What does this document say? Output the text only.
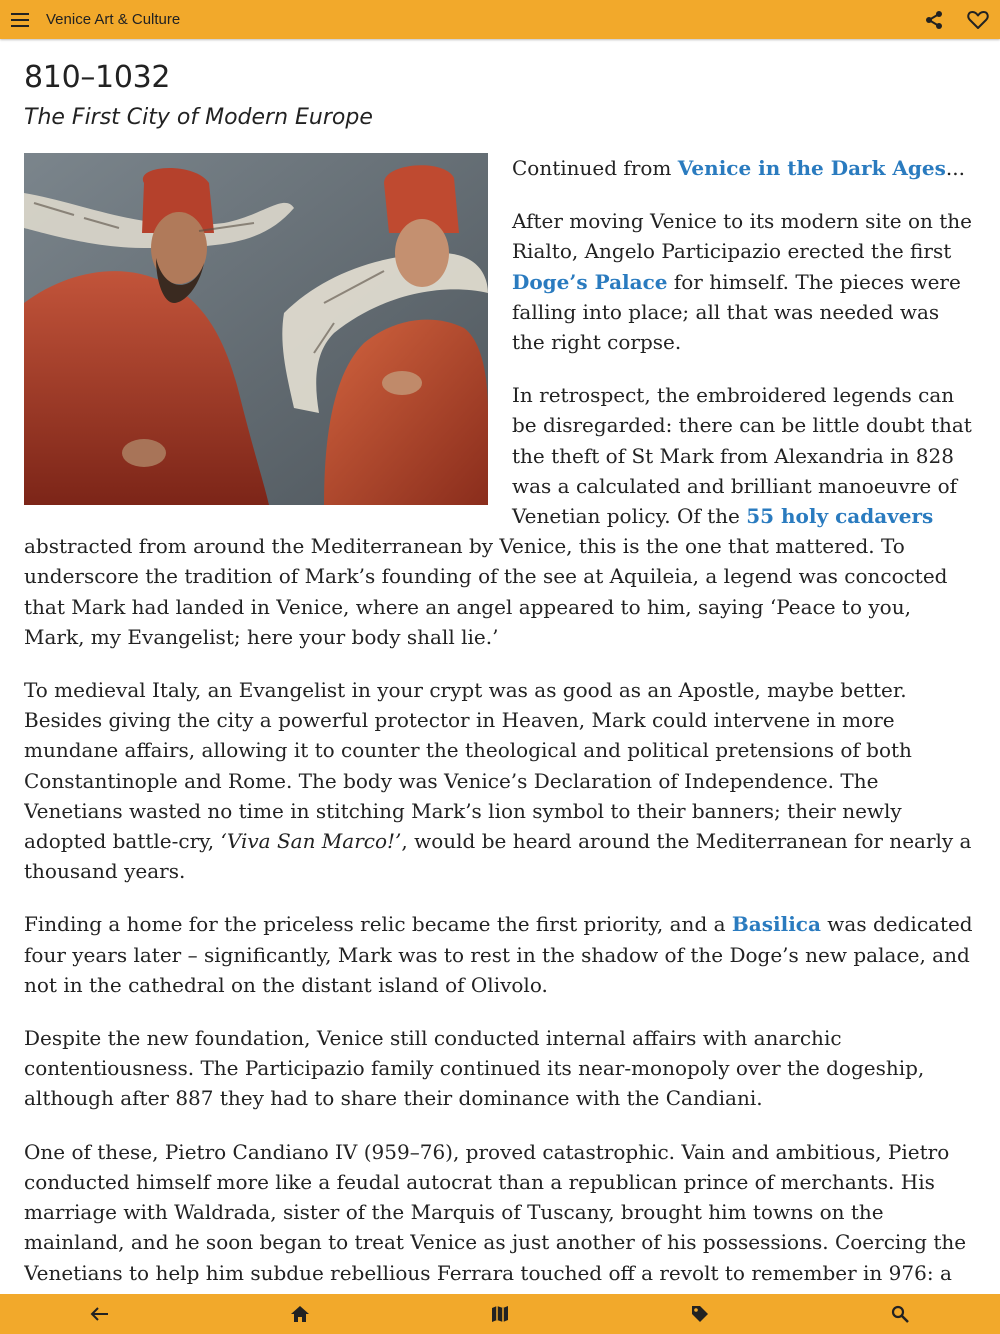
Venice Art & Culture
810–1032
The First City of Modern Europe

Continued from Venice in the Dark Ages...

After moving Venice to its modern site on the Rialto, Angelo Participazio erected the first Doge’s Palace for himself. The pieces were falling into place; all that was needed was the right corpse.

In retrospect, the embroidered legends can be disregarded: there can be little doubt that the theft of St Mark from Alexandria in 828 was a calculated and brilliant manoeuvre of Venetian policy. Of the 55 holy cadavers abstracted from around the Mediterranean by Venice, this is the one that mattered. To underscore the tradition of Mark’s founding of the see at Aquileia, a legend was concocted that Mark had landed in Venice, where an angel appeared to him, saying ‘Peace to you, Mark, my Evangelist; here your body shall lie.’

To medieval Italy, an Evangelist in your crypt was as good as an Apostle, maybe better. Besides giving the city a powerful protector in Heaven, Mark could intervene in more mundane affairs, allowing it to counter the theological and political pretensions of both Constantinople and Rome. The body was Venice’s Declaration of Independence. The Venetians wasted no time in stitching Mark’s lion symbol to their banners; their newly adopted battle-cry, ‘Viva San Marco!’, would be heard around the Mediterranean for nearly a thousand years.

Finding a home for the priceless relic became the first priority, and a Basilica was dedicated four years later – significantly, Mark was to rest in the shadow of the Doge’s new palace, and not in the cathedral on the distant island of Olivolo.

Despite the new foundation, Venice still conducted internal affairs with anarchic contentiousness. The Participazio family continued its near-monopoly over the dogeship, although after 887 they had to share their dominance with the Candiani.

One of these, Pietro Candiano IV (959–76), proved catastrophic. Vain and ambitious, Pietro conducted himself more like a feudal autocrat than a republican prince of merchants. His marriage with Waldrada, sister of the Marquis of Tuscany, brought him towns on the mainland, and he soon began to treat Venice as just another of his possessions. Coercing the Venetians to help him subdue rebellious Ferrara touched off a revolt to remember in 976: a
